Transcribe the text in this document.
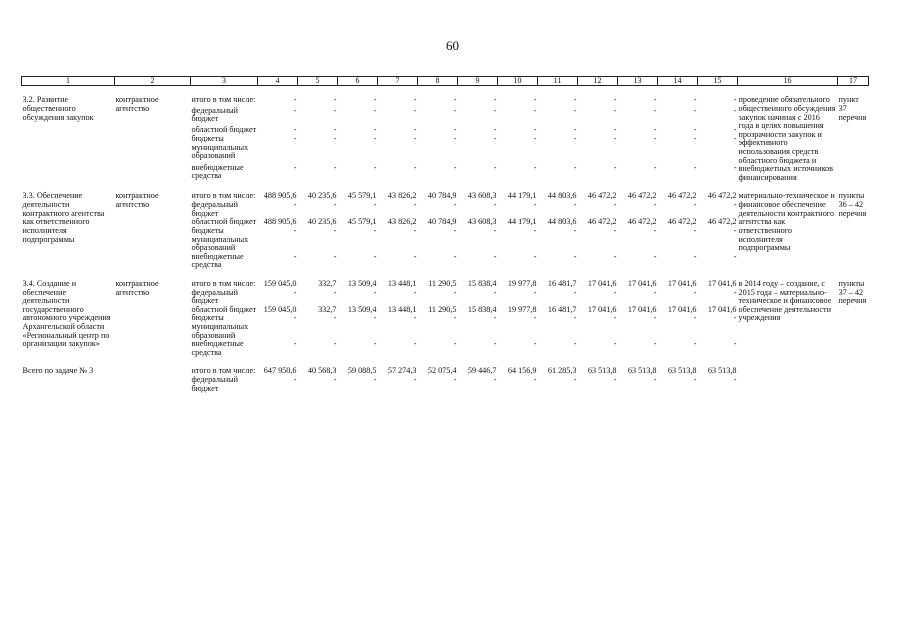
60
1	2	3	4	5	6	7	8	9	10	11	12	13	14	15	16	17
3.2. Развитие общественного обсуждения закупок	контрактное агентство	итого в том числе:	-	-	-	-	-	-	-	-	-	-	-	-	проведение обязательного общественного обсуждения закупок начиная с 2016 года в целях повышения прозрачности закупок и эффективного использования средств областного бюджета и внебюджетных источников финансирования	пункт 37 перечня
		федеральный бюджет	-	-	-	-	-	-	-	-	-	-	-	-		
		областной бюджет	-	-	-	-	-	-	-	-	-	-	-	-		
		бюджеты муниципальных образований	-	-	-	-	-	-	-	-	-	-	-	-		
		внебюджетные средства	-	-	-	-	-	-	-	-	-	-	-	-		
3.3. Обеспечение деятельности контрактного агентства как ответственного исполнителя подпрограммы	контрактное агентство	итого в том числе:	488 905,6	40 235,6	45 579,1	43 826,2	40 784,9	43 608,3	44 179,1	44 803,6	46 472,2	46 472,2	46 472,2	46 472,2	материально-техническое и финансовое обеспечение деятельности контрактного агентства как ответственного исполнителя подпрограммы	пункты 36 – 42 перечня
		федеральный бюджет	-	-	-	-	-	-	-	-	-	-	-	-		
		областной бюджет	488 905,6	40 235,6	45 579,1	43 826,2	40 784,9	43 608,3	44 179,1	44 803,6	46 472,2	46 472,2	46 472,2	46 472,2		
		бюджеты муниципальных образований	-	-	-	-	-	-	-	-	-	-	-	-		
		внебюджетные средства	-	-	-	-	-	-	-	-	-	-	-	-		
3.4. Создание и обеспечение деятельности государственного автономного учреждения Архангельской области «Региональный центр по организации закупок»	контрактное агентство	итого в том числе:	159 045,0	332,7	13 509,4	13 448,1	11 290,5	15 838,4	19 977,8	16 481,7	17 041,6	17 041,6	17 041,6	17 041,6	в 2014 году – создание, с 2015 года – материально-техническое и финансовое обеспечение деятельности учреждения	пункты 37 – 42 перечня
		федеральный бюджет	-	-	-	-	-	-	-	-	-	-	-	-		
		областной бюджет	159 045,0	332,7	13 509,4	13 448,1	11 290,5	15 838,4	19 977,8	16 481,7	17 041,6	17 041,6	17 041,6	17 041,6		
		бюджеты муниципальных образований	-	-	-	-	-	-	-	-	-	-	-	-		
		внебюджетные средства	-	-	-	-	-	-	-	-	-	-	-	-		
Всего по задаче № 3		итого в том числе:	647 950,6	40 568,3	59 088,5	57 274,3	52 075,4	59 446,7	64 156,9	61 285,3	63 513,8	63 513,8	63 513,8	63 513,8		
		федеральный бюджет	-	-	-	-	-	-	-	-	-	-	-	-		
